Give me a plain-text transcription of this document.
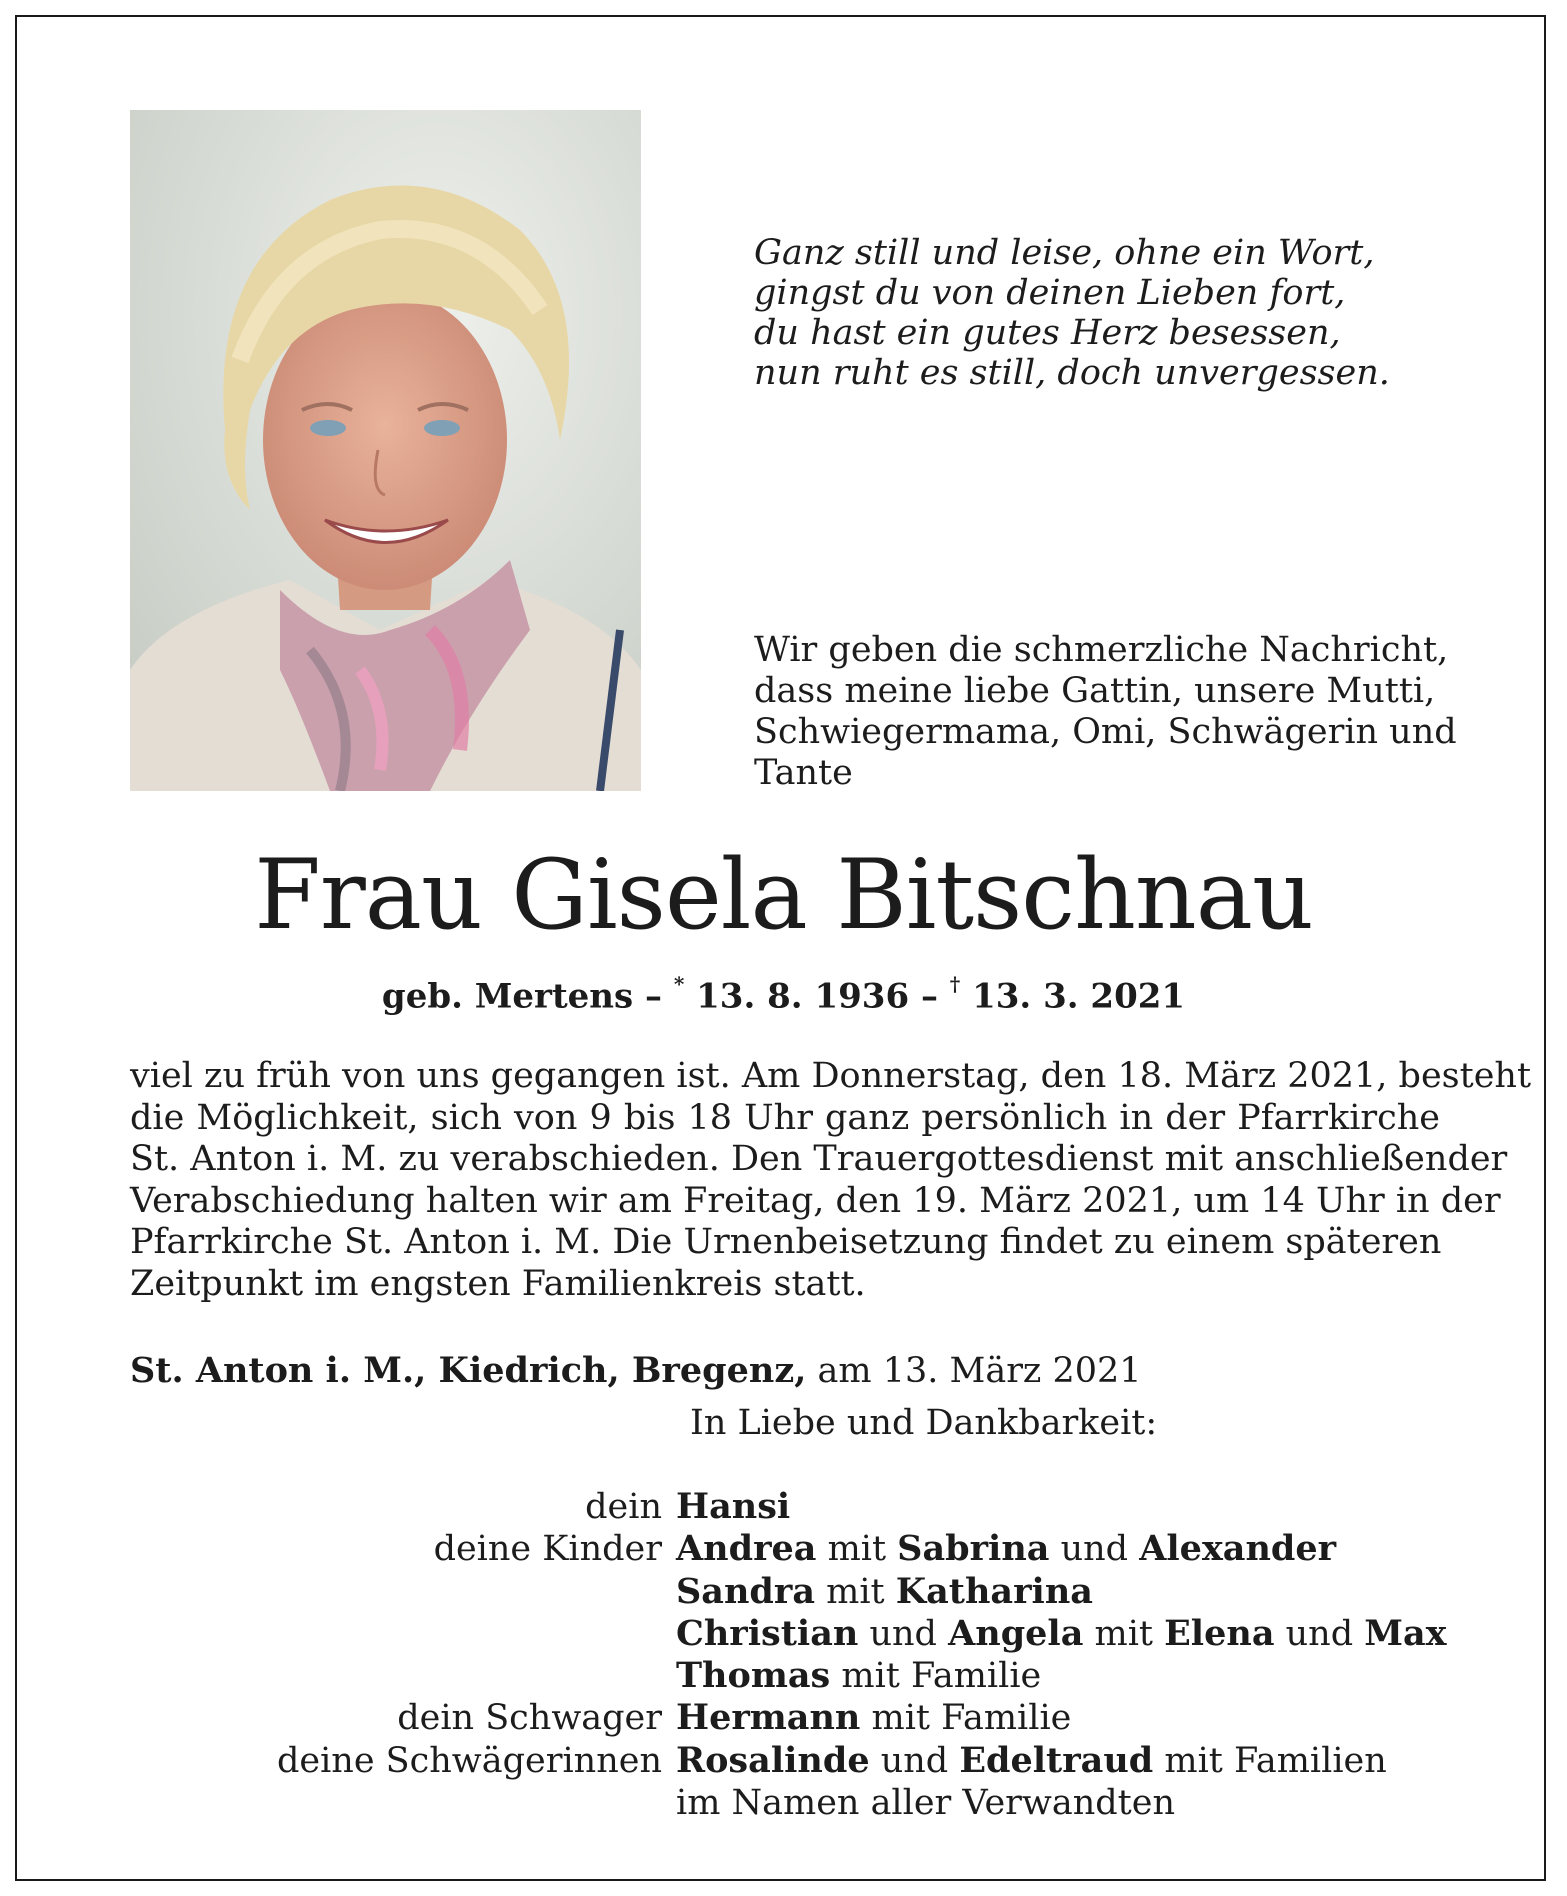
Ganz still und leise, ohne ein Wort,
gingst du von deinen Lieben fort,
du hast ein gutes Herz besessen,
nun ruht es still, doch unvergessen.
Wir geben die schmerzliche Nachricht,
dass meine liebe Gattin, unsere Mutti,
Schwiegermama, Omi, Schwägerin und
Tante
Frau Gisela Bitschnau
geb. Mertens – * 13. 8. 1936 – † 13. 3. 2021
viel zu früh von uns gegangen ist. Am Donnerstag, den 18. März 2021, besteht
die Möglichkeit, sich von 9 bis 18 Uhr ganz persönlich in der Pfarrkirche
St. Anton i. M. zu verabschieden. Den Trauergottesdienst mit anschließender
Verabschiedung halten wir am Freitag, den 19. März 2021, um 14 Uhr in der
Pfarrkirche St. Anton i. M. Die Urnenbeisetzung findet zu einem späteren
Zeitpunkt im engsten Familienkreis statt.
St. Anton i. M., Kiedrich, Bregenz, am 13. März 2021
In Liebe und Dankbarkeit:
dein Hansi
deine Kinder Andrea mit Sabrina und Alexander
Sandra mit Katharina
Christian und Angela mit Elena und Max
Thomas mit Familie
dein Schwager Hermann mit Familie
deine Schwägerinnen Rosalinde und Edeltraud mit Familien
im Namen aller Verwandten
